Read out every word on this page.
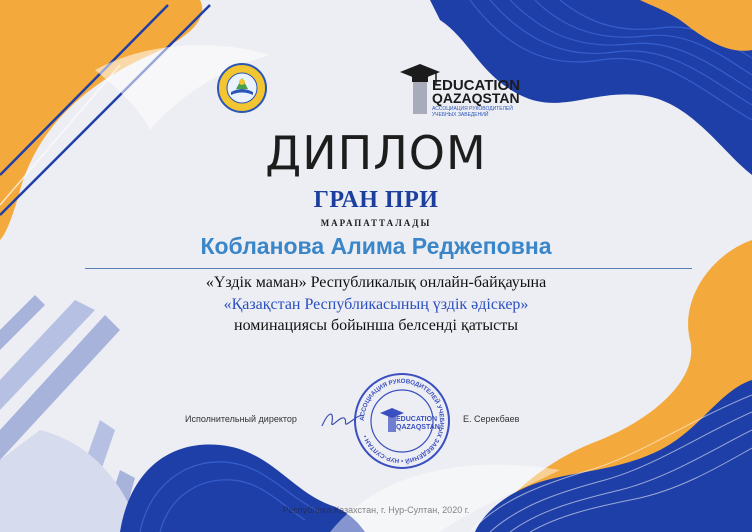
EDUCATION
QAZAQSTAN
АССОЦИАЦИЯ РУКОВОДИТЕЛЕЙ
УЧЕБНЫХ ЗАВЕДЕНИЙ
ДИПЛОМ
ГРАН ПРИ
МАРАПАТТАЛАДЫ
Кобланова Алима Реджеповна
«Үздік маман» Республикалық онлайн-байқауына
«Қазақстан Республикасының үздік әдіскер»
номинациясы бойынша белсенді қатысты
Исполнительный директор	АССОЦИАЦИЯ РУКОВОДИТЕЛЕЙ УЧЕБНЫХ ЗАВЕДЕНИЙ • НУР-СУЛТАН •
EDUCATION
QAZAQSTAN
Е. Серекбаев
Республика Казахстан, г. Нур-Султан, 2020 г.
